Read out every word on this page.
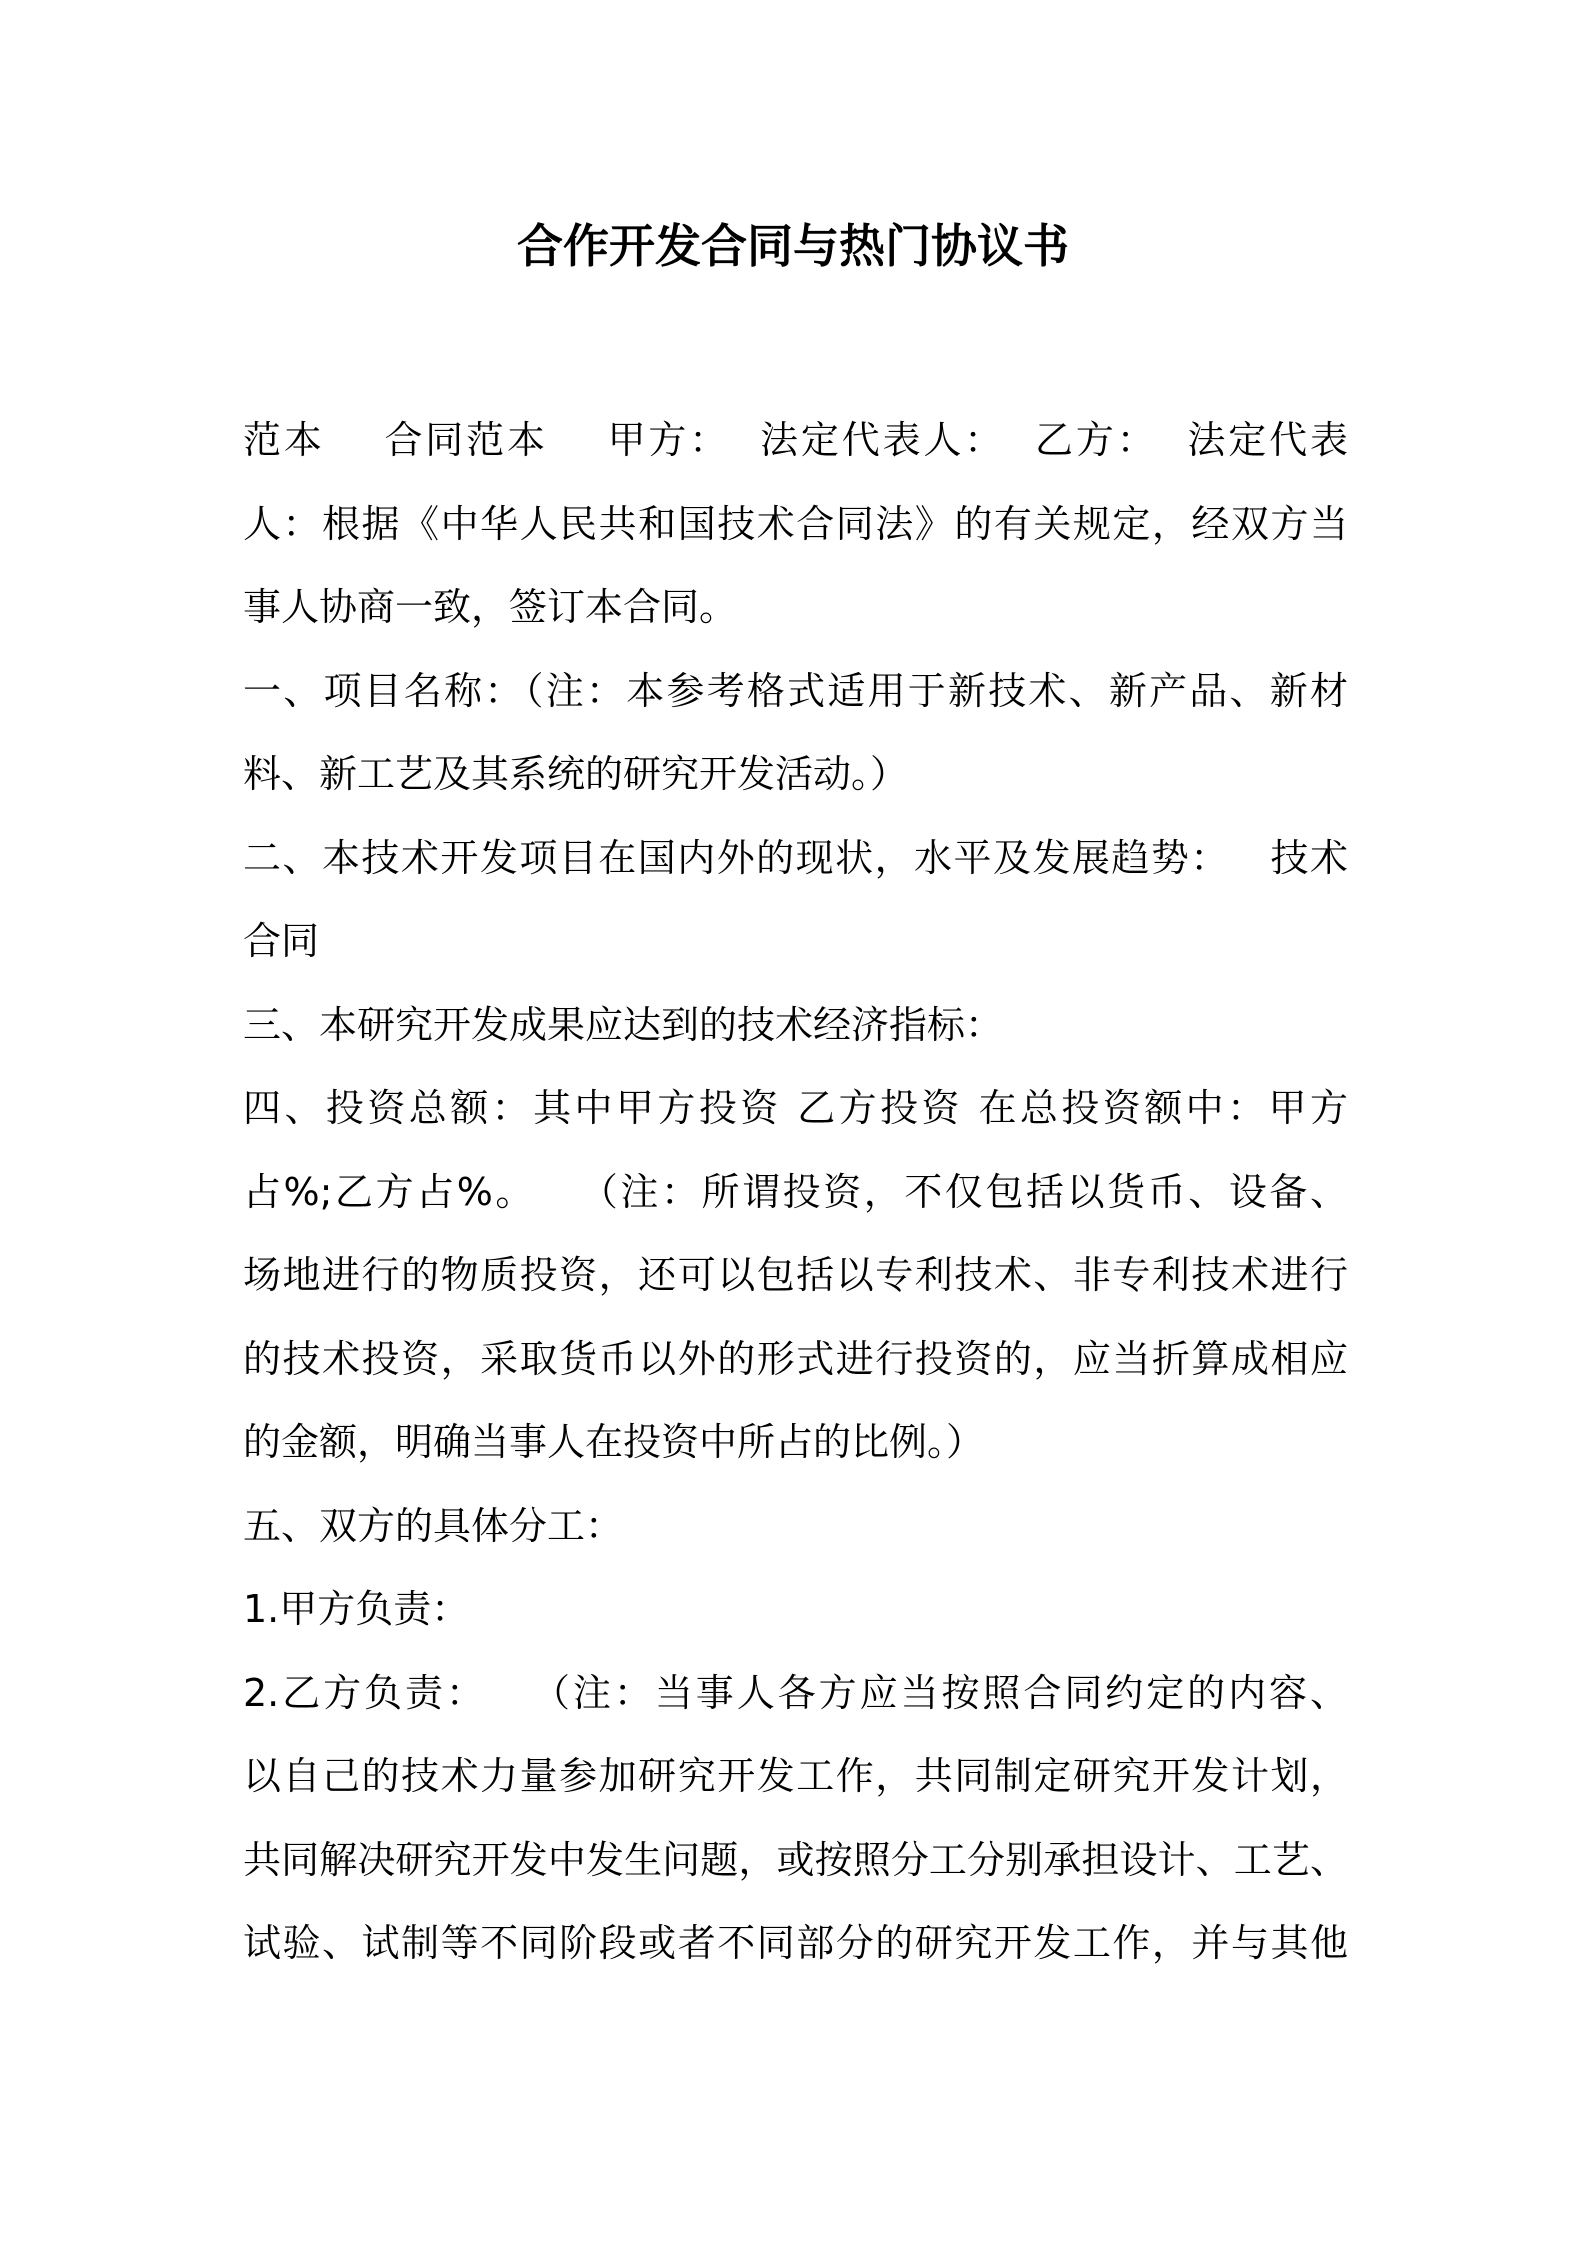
合作开发合同与热门协议书
范本    合同范本    甲方：  法定代表人：  乙方：  法定代表
人：根据《中华人民共和国技术合同法》的有关规定，经双方当
事人协商一致，签订本合同。
一、项目名称：（注：本参考格式适用于新技术、新产品、新材
料、新工艺及其系统的研究开发活动。）
二、本技术开发项目在国内外的现状，水平及发展趋势：   技术
合同
三、本研究开发成果应达到的技术经济指标：
四、投资总额：其中甲方投资 乙方投资 在总投资额中：甲方
占%;乙方占%。   （注：所谓投资，不仅包括以货币、设备、
场地进行的物质投资，还可以包括以专利技术、非专利技术进行
的技术投资，采取货币以外的形式进行投资的，应当折算成相应
的金额，明确当事人在投资中所占的比例。）
五、双方的具体分工：
1.甲方负责：
2.乙方负责：   （注：当事人各方应当按照合同约定的内容、
以自己的技术力量参加研究开发工作，共同制定研究开发计划，
共同解决研究开发中发生问题，或按照分工分别承担设计、工艺、
试验、试制等不同阶段或者不同部分的研究开发工作，并与其他
